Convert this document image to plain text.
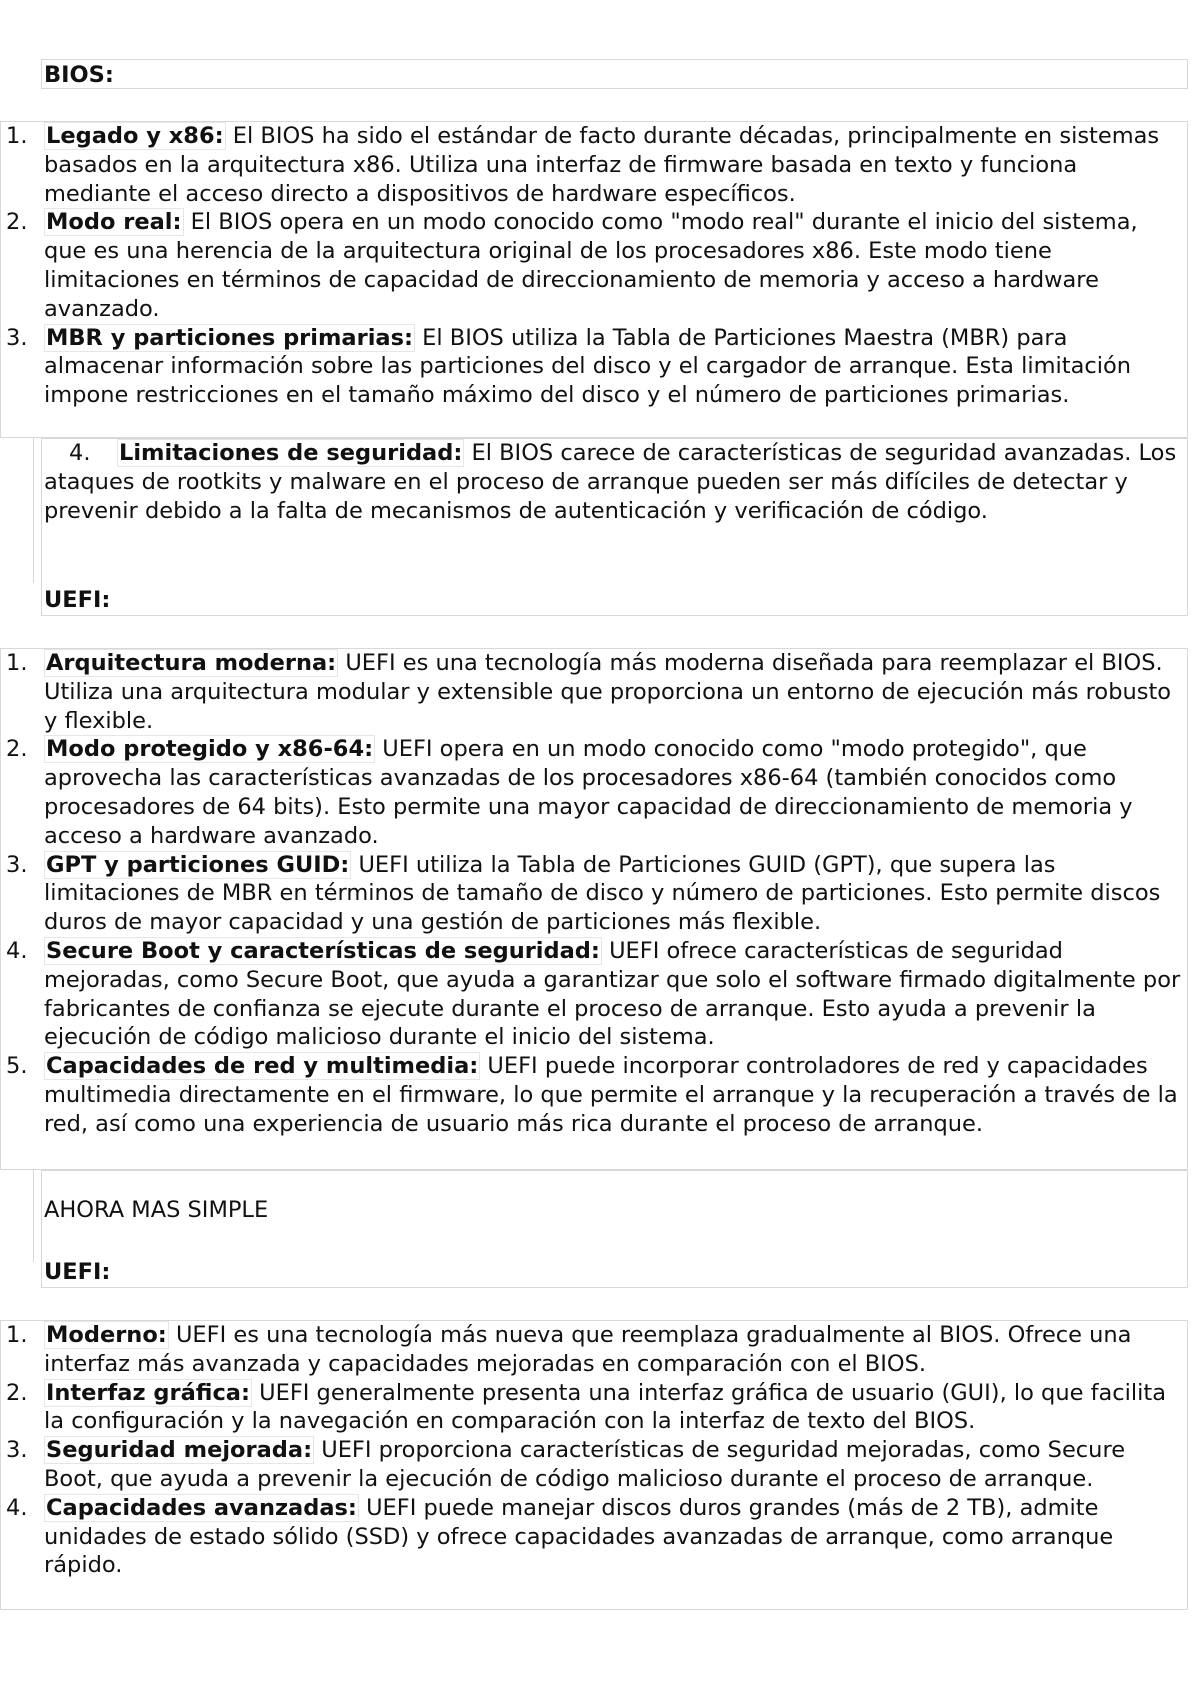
BIOS:
1. Legado y x86: El BIOS ha sido el estándar de facto durante décadas, principalmente en sistemas basados en la arquitectura x86. Utiliza una interfaz de firmware basada en texto y funciona mediante el acceso directo a dispositivos de hardware específicos.
2. Modo real: El BIOS opera en un modo conocido como "modo real" durante el inicio del sistema, que es una herencia de la arquitectura original de los procesadores x86. Este modo tiene limitaciones en términos de capacidad de direccionamiento de memoria y acceso a hardware avanzado.
3. MBR y particiones primarias: El BIOS utiliza la Tabla de Particiones Maestra (MBR) para almacenar información sobre las particiones del disco y el cargador de arranque. Esta limitación impone restricciones en el tamaño máximo del disco y el número de particiones primarias.
4. Limitaciones de seguridad: El BIOS carece de características de seguridad avanzadas. Los ataques de rootkits y malware en el proceso de arranque pueden ser más difíciles de detectar y prevenir debido a la falta de mecanismos de autenticación y verificación de código.
UEFI:
1. Arquitectura moderna: UEFI es una tecnología más moderna diseñada para reemplazar el BIOS. Utiliza una arquitectura modular y extensible que proporciona un entorno de ejecución más robusto y flexible.
2. Modo protegido y x86-64: UEFI opera en un modo conocido como "modo protegido", que aprovecha las características avanzadas de los procesadores x86-64 (también conocidos como procesadores de 64 bits). Esto permite una mayor capacidad de direccionamiento de memoria y acceso a hardware avanzado.
3. GPT y particiones GUID: UEFI utiliza la Tabla de Particiones GUID (GPT), que supera las limitaciones de MBR en términos de tamaño de disco y número de particiones. Esto permite discos duros de mayor capacidad y una gestión de particiones más flexible.
4. Secure Boot y características de seguridad: UEFI ofrece características de seguridad mejoradas, como Secure Boot, que ayuda a garantizar que solo el software firmado digitalmente por fabricantes de confianza se ejecute durante el proceso de arranque. Esto ayuda a prevenir la ejecución de código malicioso durante el inicio del sistema.
5. Capacidades de red y multimedia: UEFI puede incorporar controladores de red y capacidades multimedia directamente en el firmware, lo que permite el arranque y la recuperación a través de la red, así como una experiencia de usuario más rica durante el proceso de arranque.
AHORA MAS SIMPLE
UEFI:
1. Moderno: UEFI es una tecnología más nueva que reemplaza gradualmente al BIOS. Ofrece una interfaz más avanzada y capacidades mejoradas en comparación con el BIOS.
2. Interfaz gráfica: UEFI generalmente presenta una interfaz gráfica de usuario (GUI), lo que facilita la configuración y la navegación en comparación con la interfaz de texto del BIOS.
3. Seguridad mejorada: UEFI proporciona características de seguridad mejoradas, como Secure Boot, que ayuda a prevenir la ejecución de código malicioso durante el proceso de arranque.
4. Capacidades avanzadas: UEFI puede manejar discos duros grandes (más de 2 TB), admite unidades de estado sólido (SSD) y ofrece capacidades avanzadas de arranque, como arranque rápido.
